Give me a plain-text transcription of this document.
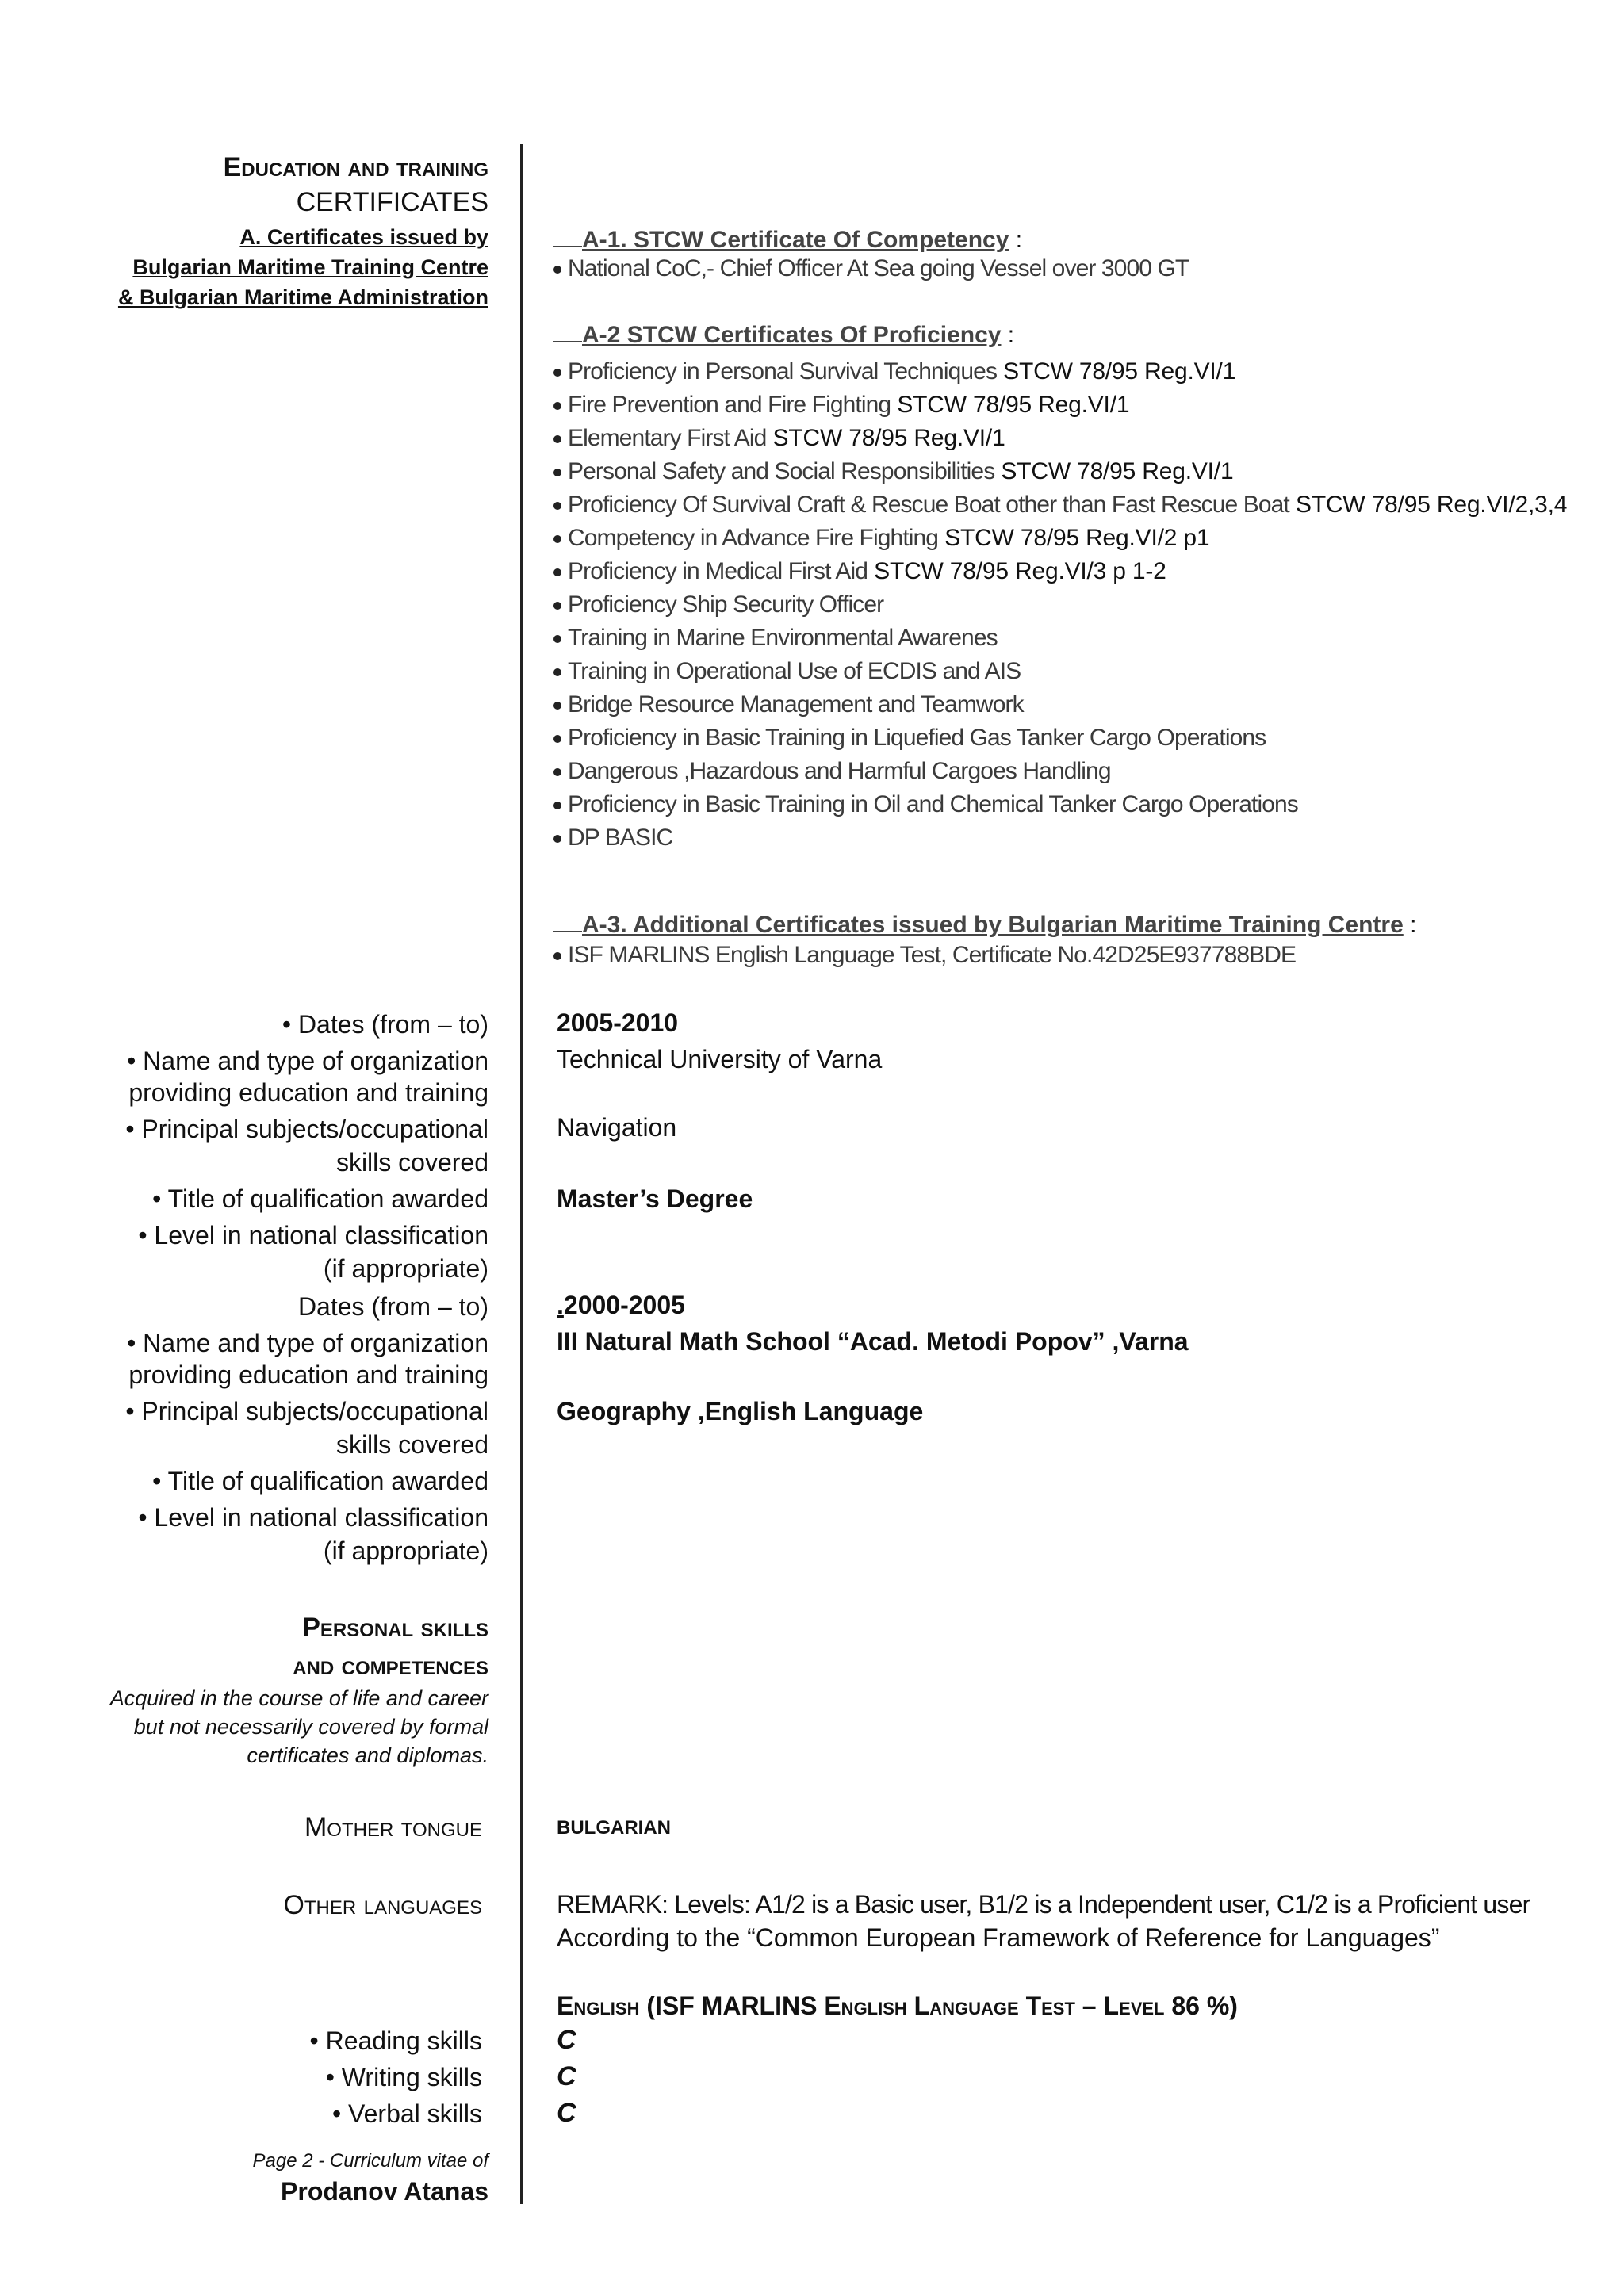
Education and training
CERTIFICATES
A. Certificates issued by
Bulgarian Maritime Training Centre
& Bulgarian Maritime Administration
• Dates (from – to)
• Name and type of organization
providing education and training
• Principal subjects/occupational
skills covered
• Title of qualification awarded
• Level in national classification
(if appropriate)
Dates (from – to)
• Name and type of organization
providing education and training
• Principal subjects/occupational
skills covered
• Title of qualification awarded
• Level in national classification
(if appropriate)
Personal skills
and competences
Acquired in the course of life and career
but not necessarily covered by formal
certificates and diplomas.
Mother tongue
Other languages
• Reading skills
• Writing skills
• Verbal skills
Page 2 - Curriculum vitae of
Prodanov Atanas
A-1. STCW Certificate Of Competency :
National CoC,- Chief Officer At Sea going Vessel over 3000 GT
A-2 STCW Certificates Of Proficiency :
Proficiency in Personal Survival Techniques STCW 78/95 Reg.VI/1
Fire Prevention and Fire Fighting STCW 78/95 Reg.VI/1
Elementary First Aid STCW 78/95 Reg.VI/1
Personal Safety and Social Responsibilities STCW 78/95 Reg.VI/1
Proficiency Of Survival Craft & Rescue Boat other than Fast Rescue Boat STCW 78/95 Reg.VI/2,3,4
Competency in Advance Fire Fighting STCW 78/95 Reg.VI/2 p1
Proficiency in Medical First Aid STCW 78/95 Reg.VI/3 p 1-2
Proficiency Ship Security Officer
Training in Marine Environmental Awarenes
Training in Operational Use of ECDIS and AIS
Bridge Resource Management and Teamwork
Proficiency in Basic Training in Liquefied Gas Tanker Cargo Operations
Dangerous ,Hazardous and Harmful Cargoes Handling
Proficiency in Basic Training in Oil and Chemical Tanker Cargo Operations
DP BASIC
A-3. Additional Certificates issued by Bulgarian Maritime Training Centre :
ISF MARLINS English Language Test, Certificate No.42D25E937788BDE
2005-2010
Technical University of Varna
Navigation
Master’s Degree
.2000-2005
III Natural Math School “Acad. Metodi Popov” ,Varna
Geography ,English Language
BULGARIAN
REMARK: Levels: A1/2 is a Basic user, B1/2 is a Independent user, C1/2 is a Proficient user
According to the “Common European Framework of Reference for Languages”
English (ISF MARLINS English Language Test – Level 86 %)
C
C
C
